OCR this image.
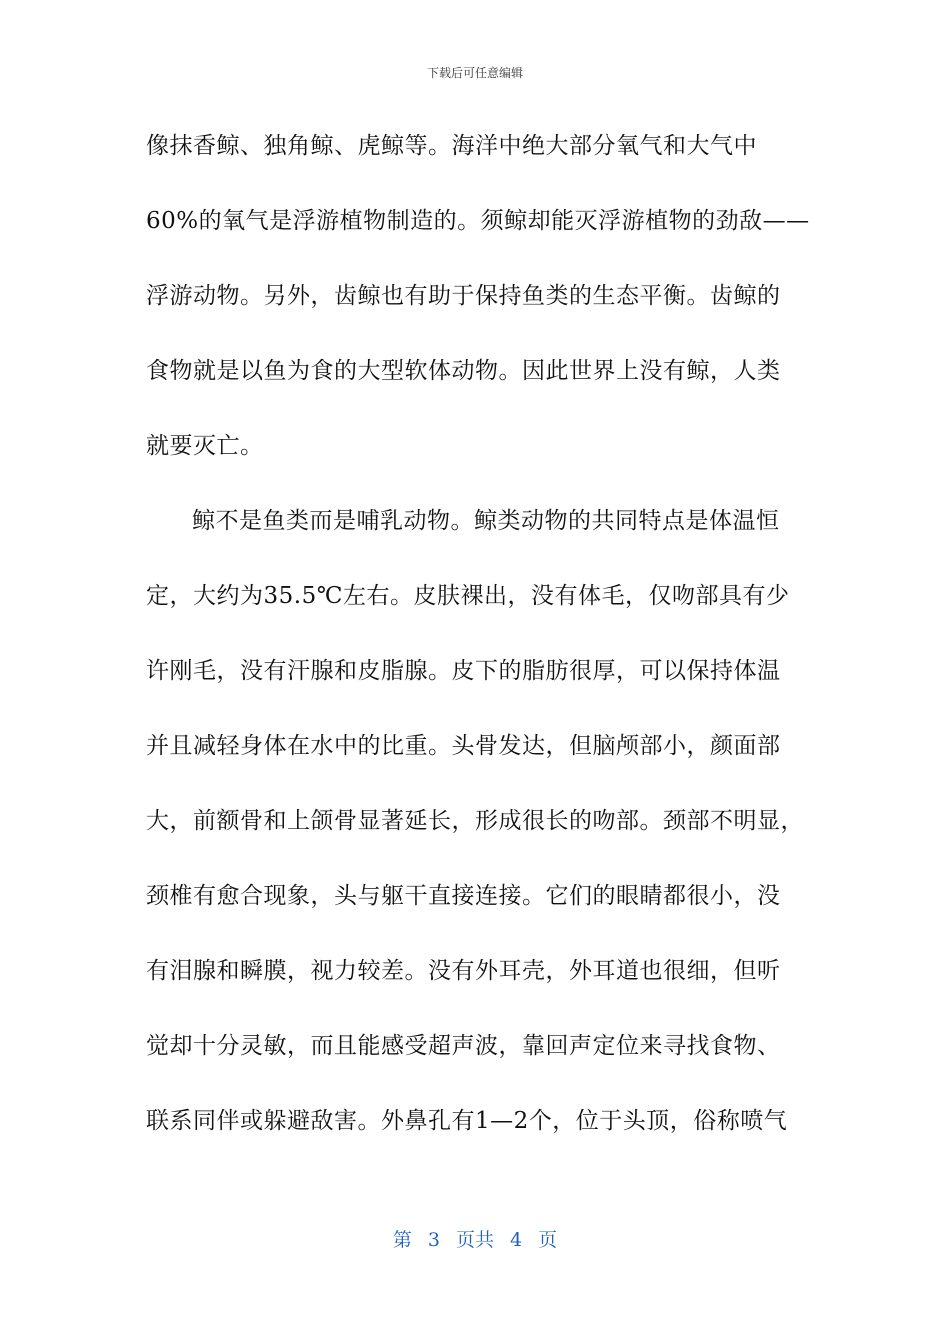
下载后可任意编辑
像抹香鲸、独角鲸、虎鲸等。海洋中绝大部分氧气和大气中
60%的氧气是浮游植物制造的。须鲸却能灭浮游植物的劲敌——
浮游动物。另外，齿鲸也有助于保持鱼类的生态平衡。齿鲸的
食物就是以鱼为食的大型软体动物。因此世界上没有鲸，人类
就要灭亡。
鲸不是鱼类而是哺乳动物。鲸类动物的共同特点是体温恒
定，大约为35.5℃左右。皮肤裸出，没有体毛，仅吻部具有少
许刚毛，没有汗腺和皮脂腺。皮下的脂肪很厚，可以保持体温
并且减轻身体在水中的比重。头骨发达，但脑颅部小，颜面部
大，前额骨和上颌骨显著延长，形成很长的吻部。颈部不明显，
颈椎有愈合现象，头与躯干直接连接。它们的眼睛都很小，没
有泪腺和瞬膜，视力较差。没有外耳壳，外耳道也很细，但听
觉却十分灵敏，而且能感受超声波，靠回声定位来寻找食物、
联系同伴或躲避敌害。外鼻孔有1—2个，位于头顶，俗称喷气
第 3 页共 4 页
